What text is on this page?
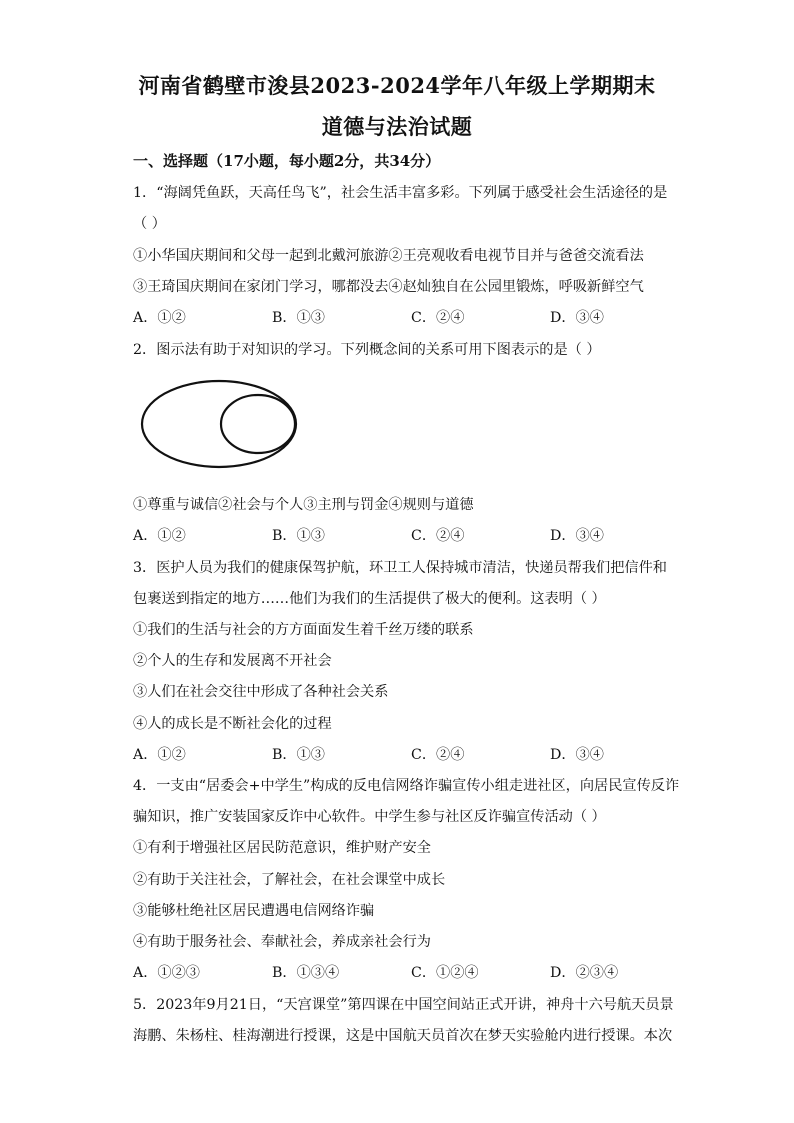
河南省鹤壁市浚县2023-2024学年八年级上学期期末
道德与法治试题
一、选择题（17小题，每小题2分，共34分）
1．“海阔凭鱼跃，天高任鸟飞”，社会生活丰富多彩。下列属于感受社会生活途径的是
（ ）
①小华国庆期间和父母一起到北戴河旅游②王亮观收看电视节目并与爸爸交流看法
③王琦国庆期间在家闭门学习，哪都没去④赵灿独自在公园里锻炼，呼吸新鲜空气
A．①②	B．①③	C．②④	D．③④
2．图示法有助于对知识的学习。下列概念间的关系可用下图表示的是（ ）
①尊重与诚信②社会与个人③主刑与罚金④规则与道德
A．①②	B．①③	C．②④	D．③④
3．医护人员为我们的健康保驾护航，环卫工人保持城市清洁，快递员帮我们把信件和
包裹送到指定的地方……他们为我们的生活提供了极大的便利。这表明（ ）
①我们的生活与社会的方方面面发生着千丝万缕的联系
②个人的生存和发展离不开社会
③人们在社会交往中形成了各种社会关系
④人的成长是不断社会化的过程
A．①②	B．①③	C．②④	D．③④
4．一支由“居委会+中学生”构成的反电信网络诈骗宣传小组走进社区，向居民宣传反诈
骗知识，推广安装国家反诈中心软件。中学生参与社区反诈骗宣传活动（ ）
①有利于增强社区居民防范意识，维护财产安全
②有助于关注社会，了解社会，在社会课堂中成长
③能够杜绝社区居民遭遇电信网络诈骗
④有助于服务社会、奉献社会，养成亲社会行为
A．①②③	B．①③④	C．①②④	D．②③④
5．2023年9月21日，“天宫课堂”第四课在中国空间站正式开讲，神舟十六号航天员景
海鹏、朱杨柱、桂海潮进行授课，这是中国航天员首次在梦天实验舱内进行授课。本次
